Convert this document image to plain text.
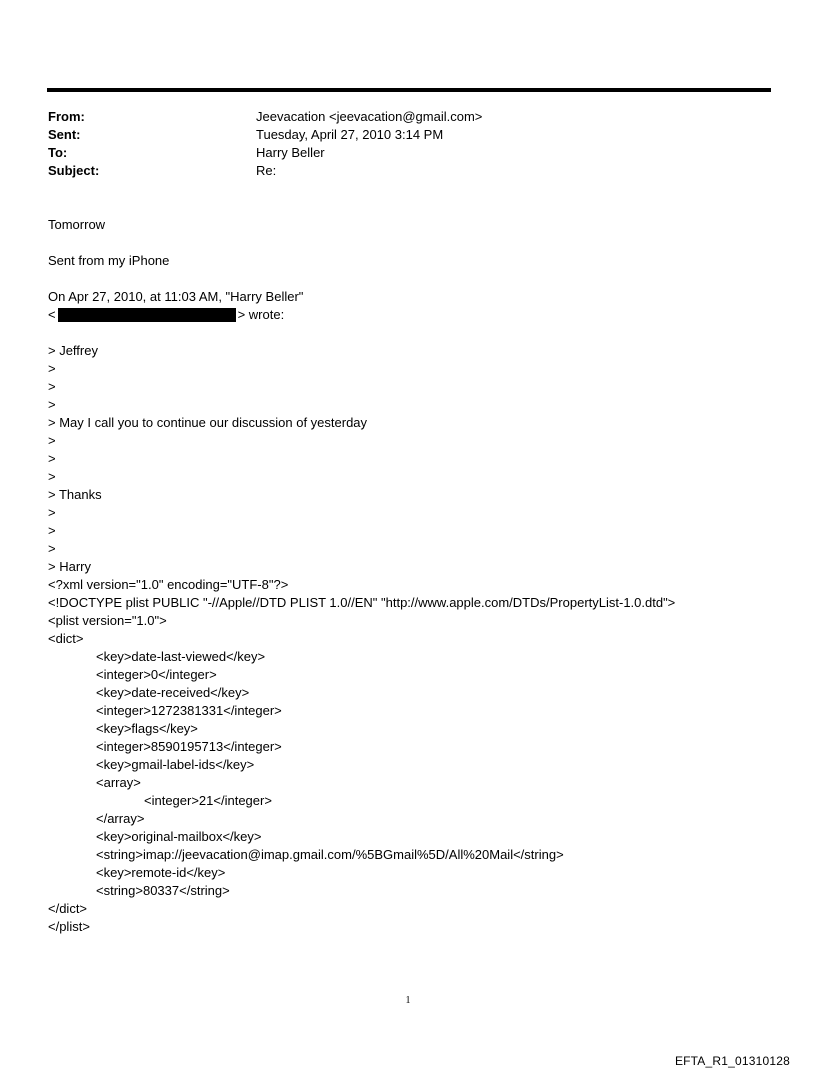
From:	Jeevacation <jeevacation@gmail.com>
Sent:	Tuesday, April 27, 2010 3:14 PM
To:	Harry Beller
Subject:	Re:
Tomorrow
Sent from my iPhone
On Apr 27, 2010, at 11:03 AM, "Harry Beller"
<	> wrote:
> Jeffrey
>
>
>
> May I call you to continue our discussion of yesterday
>
>
>
> Thanks
>
>
>
> Harry
<?xml version="1.0" encoding="UTF-8"?>
<!DOCTYPE plist PUBLIC "-//Apple//DTD PLIST 1.0//EN" "http://www.apple.com/DTDs/PropertyList-1.0.dtd">
<plist version="1.0">
<dict>
<key>date-last-viewed</key>
<integer>0</integer>
<key>date-received</key>
<integer>1272381331</integer>
<key>flags</key>
<integer>8590195713</integer>
<key>gmail-label-ids</key>
<array>
<integer>21</integer>
</array>
<key>original-mailbox</key>
<string>imap://jeevacation@imap.gmail.com/%5BGmail%5D/All%20Mail</string>
<key>remote-id</key>
<string>80337</string>
</dict>
</plist>
1
EFTA_R1_01310128
